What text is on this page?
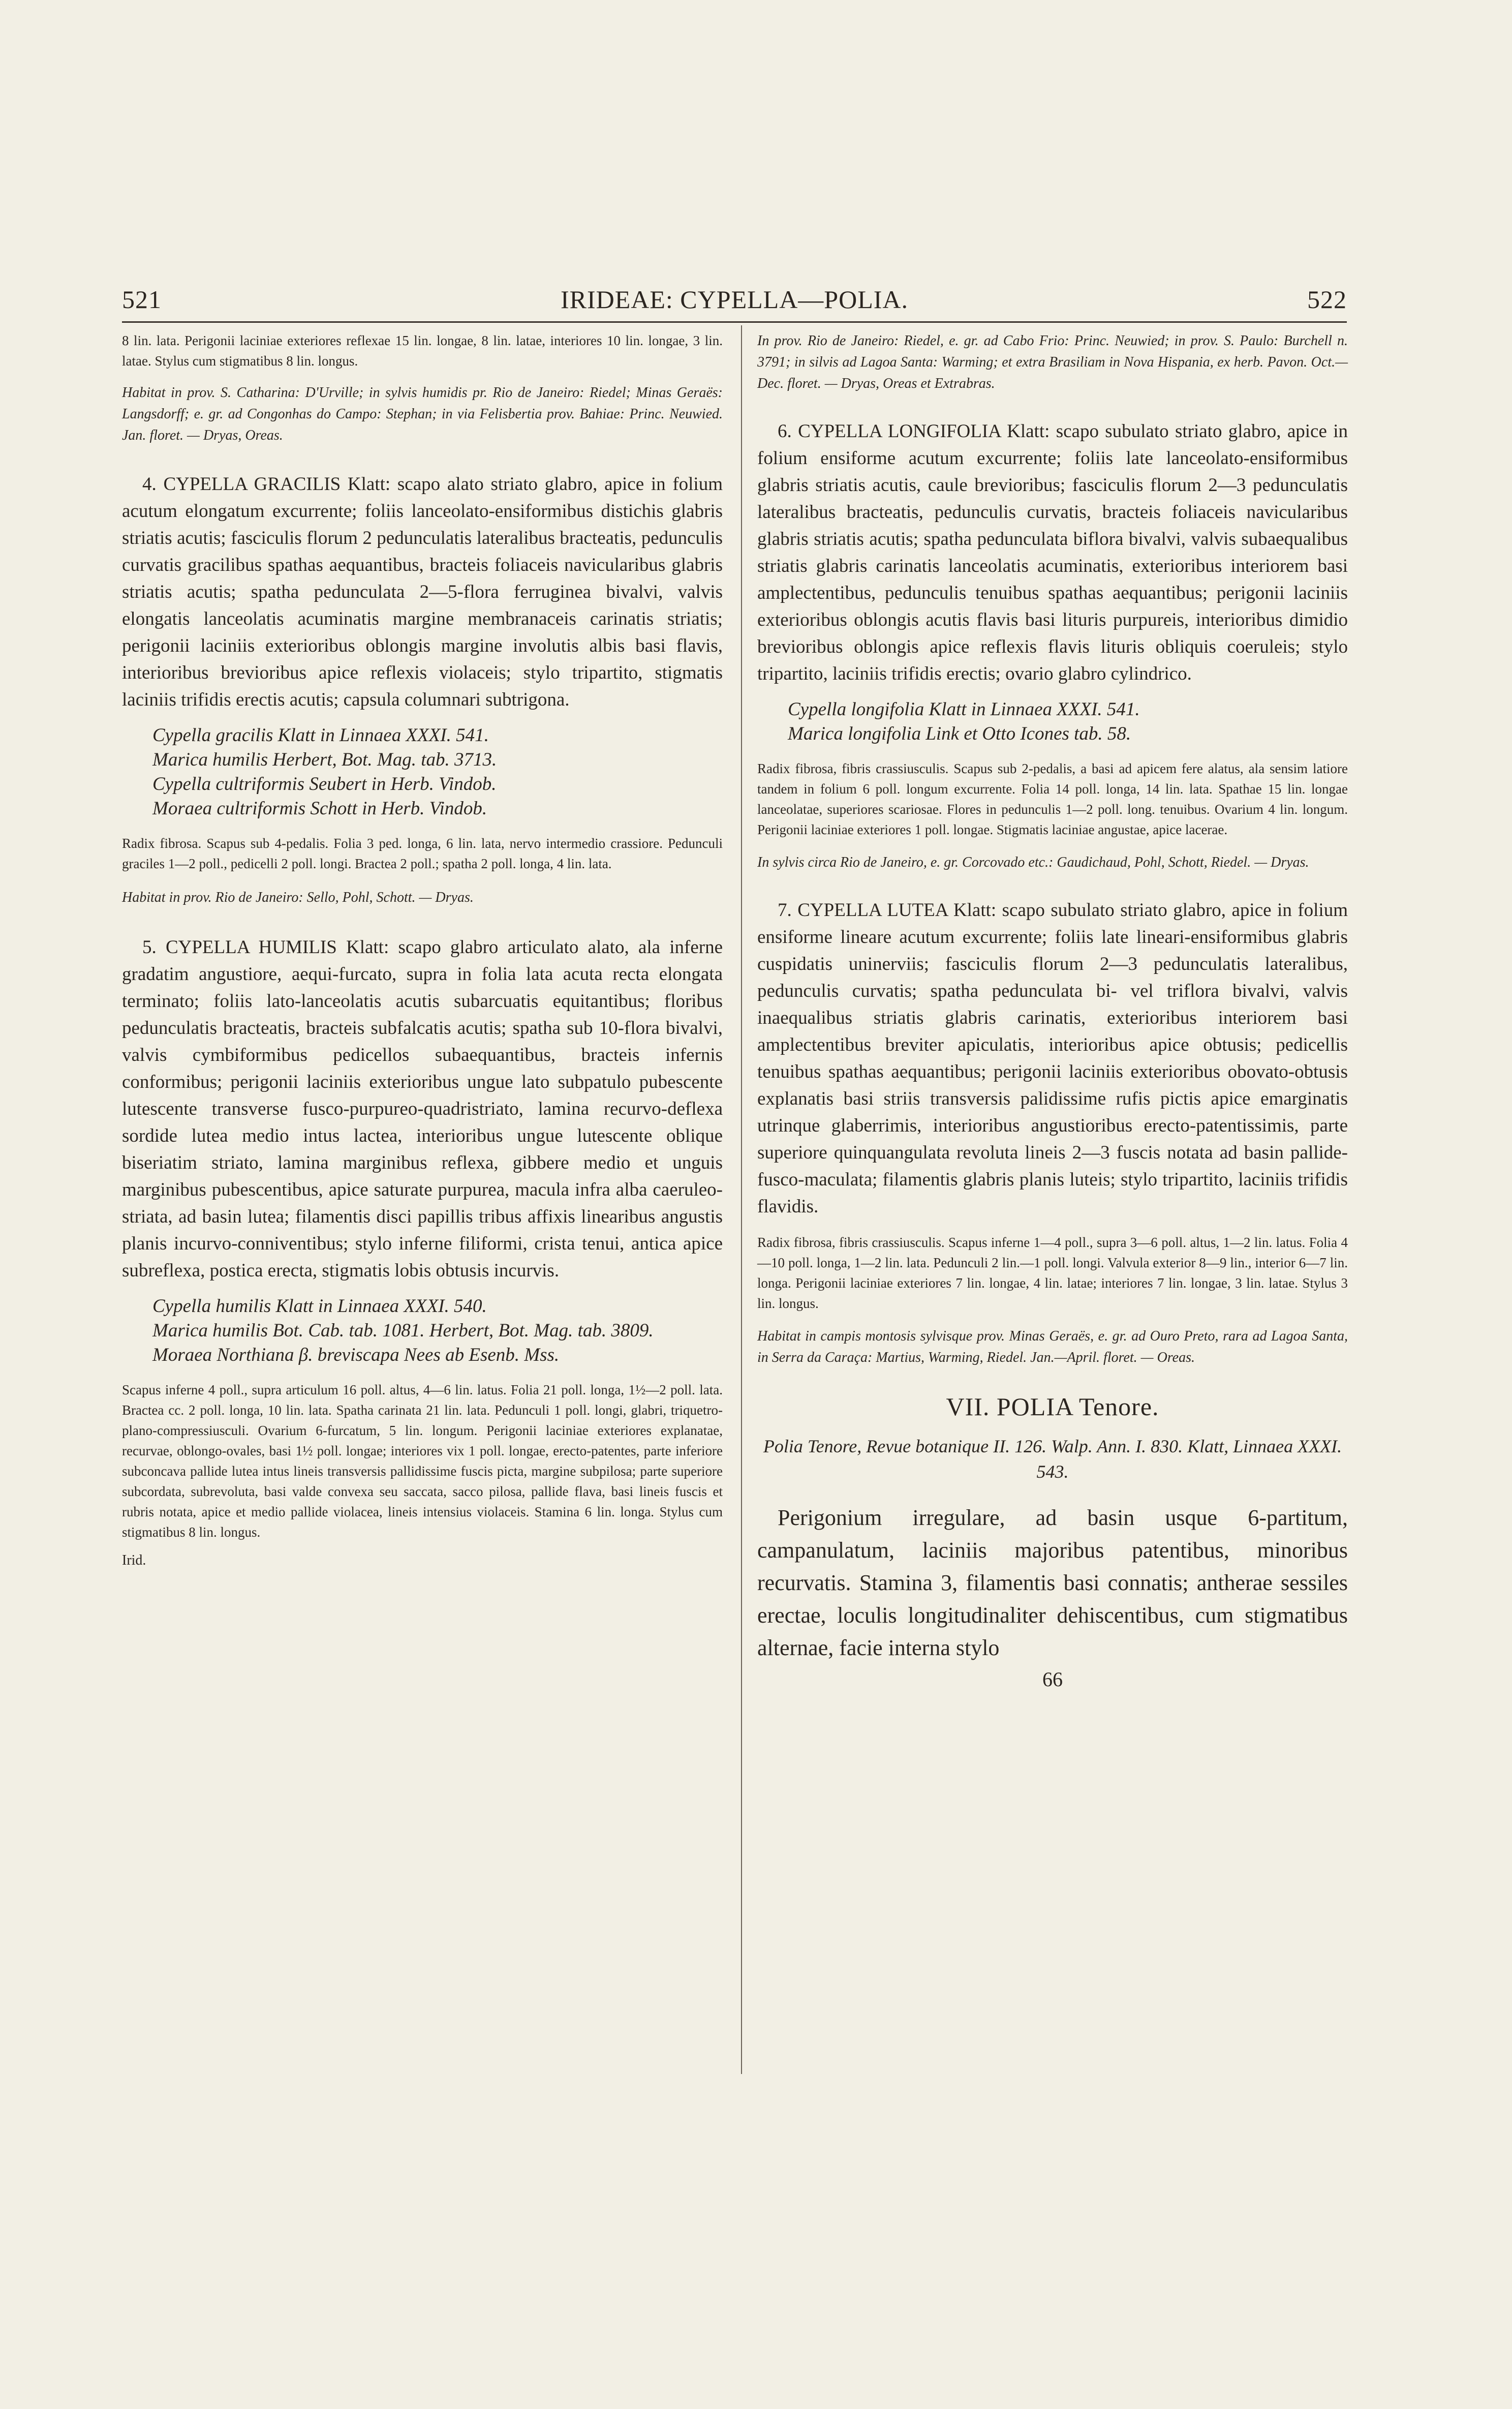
521	IRIDEAE: CYPELLA—POLIA.	522

8 lin. lata. Perigonii laciniae exteriores reflexae 15 lin. longae, 8 lin. latae, interiores 10 lin. longae, 3 lin. latae. Stylus cum stigmatibus 8 lin. longus.

Habitat in prov. S. Catharina: D'Urville; in sylvis humidis pr. Rio de Janeiro: Riedel; Minas Geraës: Langsdorff; e. gr. ad Congonhas do Campo: Stephan; in via Felisbertia prov. Bahiae: Princ. Neuwied. Jan. floret. — Dryas, Oreas.

4. CYPELLA GRACILIS Klatt: scapo alato striato glabro, apice in folium acutum elongatum excurrente; foliis lanceolato-ensiformibus distichis glabris striatis acutis; fasciculis florum 2 pedunculatis lateralibus bracteatis, pedunculis curvatis gracilibus spathas aequantibus, bracteis foliaceis navicularibus glabris striatis acutis; spatha pedunculata 2—5-flora ferruginea bivalvi, valvis elongatis lanceolatis acuminatis margine membranaceis carinatis striatis; perigonii laciniis exterioribus oblongis margine involutis albis basi flavis, interioribus brevioribus apice reflexis violaceis; stylo tripartito, stigmatis laciniis trifidis erectis acutis; capsula columnari subtrigona.

Cypella gracilis Klatt in Linnaea XXXI. 541.

Marica humilis Herbert, Bot. Mag. tab. 3713.

Cypella cultriformis Seubert in Herb. Vindob.

Moraea cultriformis Schott in Herb. Vindob.

Radix fibrosa. Scapus sub 4-pedalis. Folia 3 ped. longa, 6 lin. lata, nervo intermedio crassiore. Pedunculi graciles 1—2 poll., pedicelli 2 poll. longi. Bractea 2 poll.; spatha 2 poll. longa, 4 lin. lata.

Habitat in prov. Rio de Janeiro: Sello, Pohl, Schott. — Dryas.

5. CYPELLA HUMILIS Klatt: scapo glabro articulato alato, ala inferne gradatim angustiore, aequi-furcato, supra in folia lata acuta recta elongata terminato; foliis lato-lanceolatis acutis subarcuatis equitantibus; floribus pedunculatis bracteatis, bracteis subfalcatis acutis; spatha sub 10-flora bivalvi, valvis cymbiformibus pedicellos subaequantibus, bracteis infernis conformibus; perigonii laciniis exterioribus ungue lato subpatulo pubescente lutescente transverse fusco-purpureo-quadristriato, lamina recurvo-deflexa sordide lutea medio intus lactea, interioribus ungue lutescente oblique biseriatim striato, lamina marginibus reflexa, gibbere medio et unguis marginibus pubescentibus, apice saturate purpurea, macula infra alba caeruleo-striata, ad basin lutea; filamentis disci papillis tribus affixis linearibus angustis planis incurvo-conniventibus; stylo inferne filiformi, crista tenui, antica apice subreflexa, postica erecta, stigmatis lobis obtusis incurvis.

Cypella humilis Klatt in Linnaea XXXI. 540.

Marica humilis Bot. Cab. tab. 1081. Herbert, Bot. Mag. tab. 3809.

Moraea Northiana β. breviscapa Nees ab Esenb. Mss.

Scapus inferne 4 poll., supra articulum 16 poll. altus, 4—6 lin. latus. Folia 21 poll. longa, 1½—2 poll. lata. Bractea cc. 2 poll. longa, 10 lin. lata. Spatha carinata 21 lin. lata. Pedunculi 1 poll. longi, glabri, triquetro-plano-compressiusculi. Ovarium 6-furcatum, 5 lin. longum. Perigonii laciniae exteriores explanatae, recurvae, oblongo-ovales, basi 1½ poll. longae; interiores vix 1 poll. longae, erecto-patentes, parte inferiore subconcava pallide lutea intus lineis transversis pallidissime fuscis picta, margine subpilosa; parte superiore subcordata, subrevoluta, basi valde convexa seu saccata, sacco pilosa, pallide flava, basi lineis fuscis et rubris notata, apice et medio pallide violacea, lineis intensius violaceis. Stamina 6 lin. longa. Stylus cum stigmatibus 8 lin. longus.

Irid.

In prov. Rio de Janeiro: Riedel, e. gr. ad Cabo Frio: Princ. Neuwied; in prov. S. Paulo: Burchell n. 3791; in silvis ad Lagoa Santa: Warming; et extra Brasiliam in Nova Hispania, ex herb. Pavon. Oct.—Dec. floret. — Dryas, Oreas et Extrabras.

6. CYPELLA LONGIFOLIA Klatt: scapo subulato striato glabro, apice in folium ensiforme acutum excurrente; foliis late lanceolato-ensiformibus glabris striatis acutis, caule brevioribus; fasciculis florum 2—3 pedunculatis lateralibus bracteatis, pedunculis curvatis, bracteis foliaceis navicularibus glabris striatis acutis; spatha pedunculata biflora bivalvi, valvis subaequalibus striatis glabris carinatis lanceolatis acuminatis, exterioribus interiorem basi amplectentibus, pedunculis tenuibus spathas aequantibus; perigonii laciniis exterioribus oblongis acutis flavis basi lituris purpureis, interioribus dimidio brevioribus oblongis apice reflexis flavis lituris obliquis coeruleis; stylo tripartito, laciniis trifidis erectis; ovario glabro cylindrico.

Cypella longifolia Klatt in Linnaea XXXI. 541.

Marica longifolia Link et Otto Icones tab. 58.

Radix fibrosa, fibris crassiusculis. Scapus sub 2-pedalis, a basi ad apicem fere alatus, ala sensim latiore tandem in folium 6 poll. longum excurrente. Folia 14 poll. longa, 14 lin. lata. Spathae 15 lin. longae lanceolatae, superiores scariosae. Flores in pedunculis 1—2 poll. long. tenuibus. Ovarium 4 lin. longum. Perigonii laciniae exteriores 1 poll. longae. Stigmatis laciniae angustae, apice lacerae.

In sylvis circa Rio de Janeiro, e. gr. Corcovado etc.: Gaudichaud, Pohl, Schott, Riedel. — Dryas.

7. CYPELLA LUTEA Klatt: scapo subulato striato glabro, apice in folium ensiforme lineare acutum excurrente; foliis late lineari-ensiformibus glabris cuspidatis uninerviis; fasciculis florum 2—3 pedunculatis lateralibus, pedunculis curvatis; spatha pedunculata bi- vel triflora bivalvi, valvis inaequalibus striatis glabris carinatis, exterioribus interiorem basi amplectentibus breviter apiculatis, interioribus apice obtusis; pedicellis tenuibus spathas aequantibus; perigonii laciniis exterioribus obovato-obtusis explanatis basi striis transversis palidissime rufis pictis apice emarginatis utrinque glaberrimis, interioribus angustioribus erecto-patentissimis, parte superiore quinquangulata revoluta lineis 2—3 fuscis notata ad basin pallide-fusco-maculata; filamentis glabris planis luteis; stylo tripartito, laciniis trifidis flavidis.

Radix fibrosa, fibris crassiusculis. Scapus inferne 1—4 poll., supra 3—6 poll. altus, 1—2 lin. latus. Folia 4—10 poll. longa, 1—2 lin. lata. Pedunculi 2 lin.—1 poll. longi. Valvula exterior 8—9 lin., interior 6—7 lin. longa. Perigonii laciniae exteriores 7 lin. longae, 4 lin. latae; interiores 7 lin. longae, 3 lin. latae. Stylus 3 lin. longus.

Habitat in campis montosis sylvisque prov. Minas Geraës, e. gr. ad Ouro Preto, rara ad Lagoa Santa, in Serra da Caraça: Martius, Warming, Riedel. Jan.—April. floret. — Oreas.

VII. POLIA Tenore.

Polia Tenore, Revue botanique II. 126. Walp. Ann. I. 830. Klatt, Linnaea XXXI. 543.

Perigonium irregulare, ad basin usque 6-partitum, campanulatum, laciniis majoribus patentibus, minoribus recurvatis. Stamina 3, filamentis basi connatis; antherae sessiles erectae, loculis longitudinaliter dehiscentibus, cum stigmatibus alternae, facie interna stylo

66
